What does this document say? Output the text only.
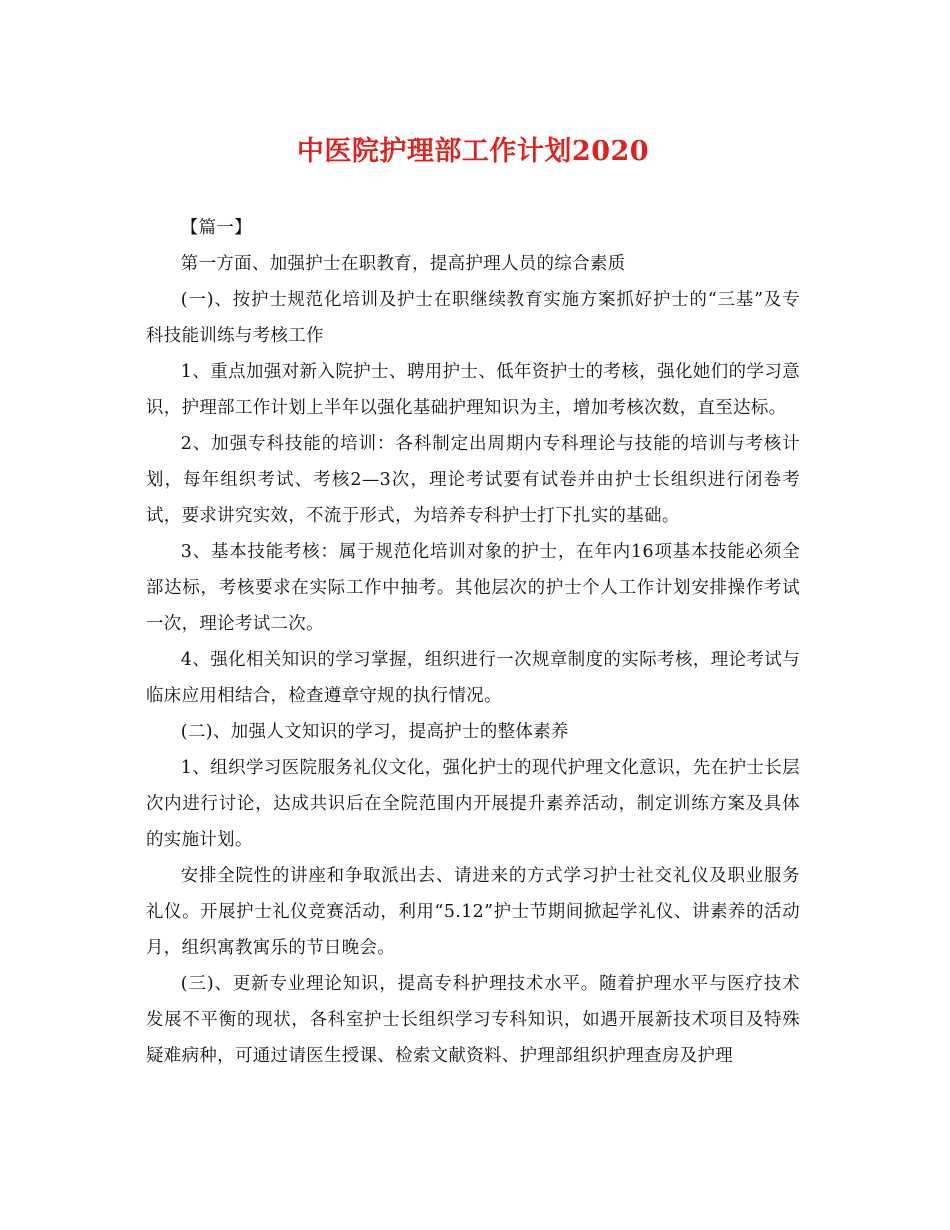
中医院护理部工作计划2020

【篇一】

第一方面、加强护士在职教育，提高护理人员的综合素质

(一)、按护士规范化培训及护士在职继续教育实施方案抓好护士的“三基”及专科技能训练与考核工作

1、重点加强对新入院护士、聘用护士、低年资护士的考核，强化她们的学习意识，护理部工作计划上半年以强化基础护理知识为主，增加考核次数，直至达标。

2、加强专科技能的培训：各科制定出周期内专科理论与技能的培训与考核计划，每年组织考试、考核2—3次，理论考试要有试卷并由护士长组织进行闭卷考试，要求讲究实效，不流于形式，为培养专科护士打下扎实的基础。

3、基本技能考核：属于规范化培训对象的护士，在年内16项基本技能必须全部达标，考核要求在实际工作中抽考。其他层次的护士个人工作计划安排操作考试一次，理论考试二次。

4、强化相关知识的学习掌握，组织进行一次规章制度的实际考核，理论考试与临床应用相结合，检查遵章守规的执行情况。

(二)、加强人文知识的学习，提高护士的整体素养

1、组织学习医院服务礼仪文化，强化护士的现代护理文化意识，先在护士长层次内进行讨论，达成共识后在全院范围内开展提升素养活动，制定训练方案及具体的实施计划。

安排全院性的讲座和争取派出去、请进来的方式学习护士社交礼仪及职业服务礼仪。开展护士礼仪竞赛活动，利用“5.12”护士节期间掀起学礼仪、讲素养的活动月，组织寓教寓乐的节日晚会。

(三)、更新专业理论知识，提高专科护理技术水平。随着护理水平与医疗技术发展不平衡的现状，各科室护士长组织学习专科知识，如遇开展新技术项目及特殊疑难病种，可通过请医生授课、检索文献资料、护理部组织护理查房及护理
